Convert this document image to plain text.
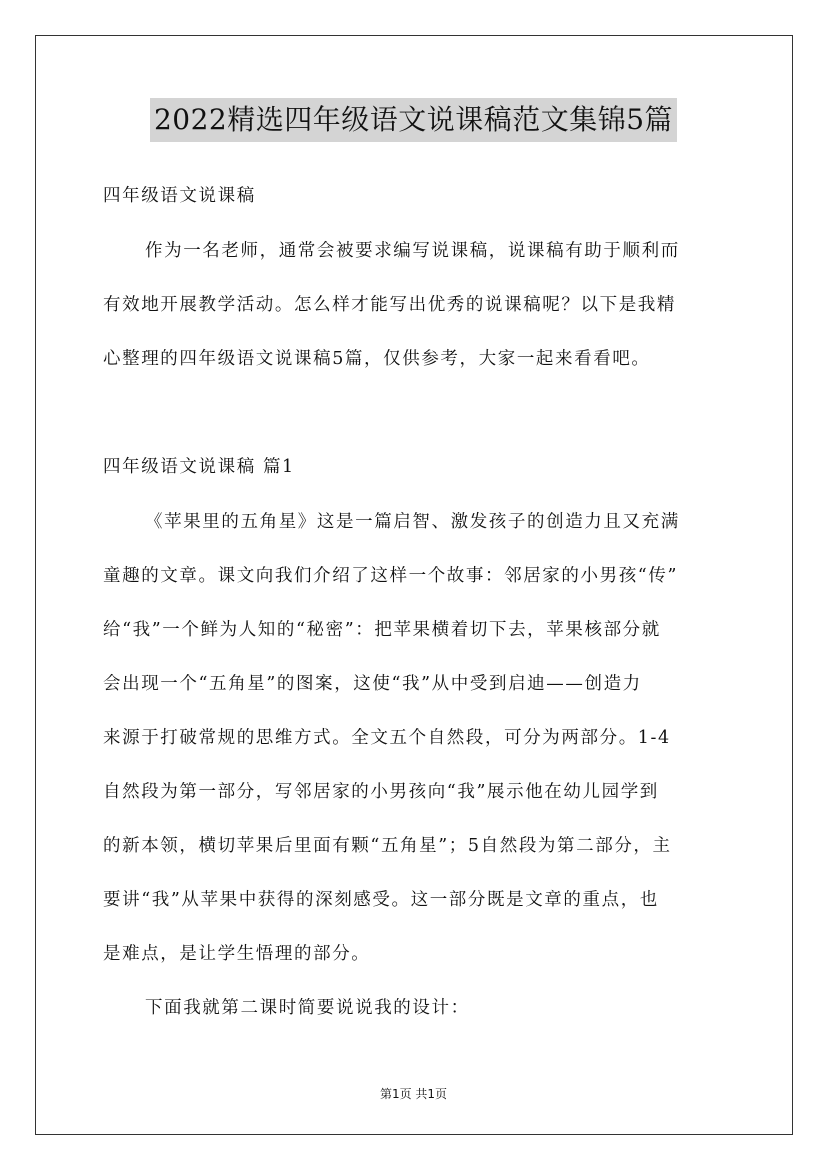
2022精选四年级语文说课稿范文集锦5篇
四年级语文说课稿
作为一名老师，通常会被要求编写说课稿，说课稿有助于顺利而
有效地开展教学活动。怎么样才能写出优秀的说课稿呢？以下是我精
心整理的四年级语文说课稿5篇，仅供参考，大家一起来看看吧。
四年级语文说课稿 篇1
《苹果里的五角星》这是一篇启智、激发孩子的创造力且又充满
童趣的文章。课文向我们介绍了这样一个故事：邻居家的小男孩“传”
给“我”一个鲜为人知的“秘密”：把苹果横着切下去，苹果核部分就
会出现一个“五角星”的图案，这使“我”从中受到启迪——创造力
来源于打破常规的思维方式。全文五个自然段，可分为两部分。1-4
自然段为第一部分，写邻居家的小男孩向“我”展示他在幼儿园学到
的新本领，横切苹果后里面有颗“五角星”；5自然段为第二部分，主
要讲“我”从苹果中获得的深刻感受。这一部分既是文章的重点，也
是难点，是让学生悟理的部分。
下面我就第二课时简要说说我的设计：
第1页 共1页
